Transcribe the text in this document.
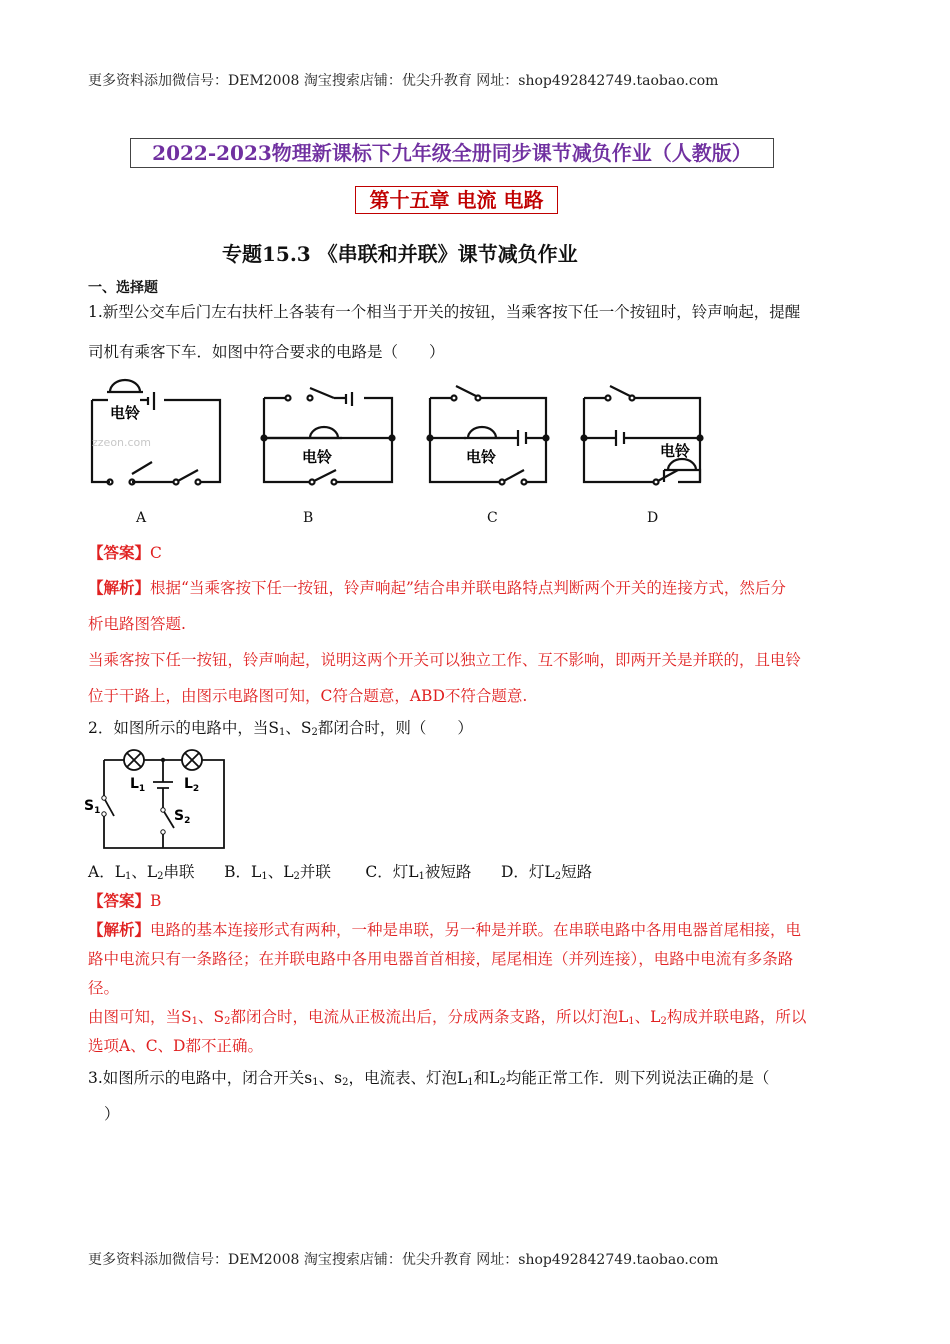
更多资料添加微信号：DEM2008 淘宝搜索店铺：优尖升教育 网址：shop492842749.taobao.com
2022-2023物理新课标下九年级全册同步课节减负作业（人教版）
第十五章 电流 电路
专题15.3 《串联和并联》课节减负作业
一、选择题
1.新型公交车后门左右扶杆上各装有一个相当于开关的按钮，当乘客按下任一个按钮时，铃声响起，提醒
司机有乘客下车．如图中符合要求的电路是（　　）
电铃
电铃	电铃	电铃
zzeon.com
A	B	C	D
【答案】C
【解析】根据“当乘客按下任一按钮，铃声响起”结合串并联电路特点判断两个开关的连接方式，然后分
析电路图答题.
当乘客按下任一按钮，铃声响起，说明这两个开关可以独立工作、互不影响，即两开关是并联的，且电铃
位于干路上，由图示电路图可知，C符合题意，ABD不符合题意.
2．如图所示的电路中，当$S_1$、$S_2$都闭合时，则（　　）
$L_1$	$L_2$
$S_1$	$S_2$
A．$L_1$、$L_2$串联 B．$L_1$、$L_2$并联 C．灯$L_1$被短路 D．灯$L_2$短路
【答案】B
【解析】电路的基本连接形式有两种，一种是串联，另一种是并联。在串联电路中各用电器首尾相接，电
路中电流只有一条路径；在并联电路中各用电器首首相接，尾尾相连（并列连接），电路中电流有多条路
径。
由图可知，当$S_1$、$S_2$都闭合时，电流从正极流出后，分成两条支路，所以灯泡$L_1$、$L_2$构成并联电路，所以
选项A、C、D都不正确。
3.如图所示的电路中，闭合开关$s_1$、$s_2$，电流表、灯泡$L_1$和$L_2$均能正常工作．则下列说法正确的是（
）
更多资料添加微信号：DEM2008 淘宝搜索店铺：优尖升教育 网址：shop492842749.taobao.com
